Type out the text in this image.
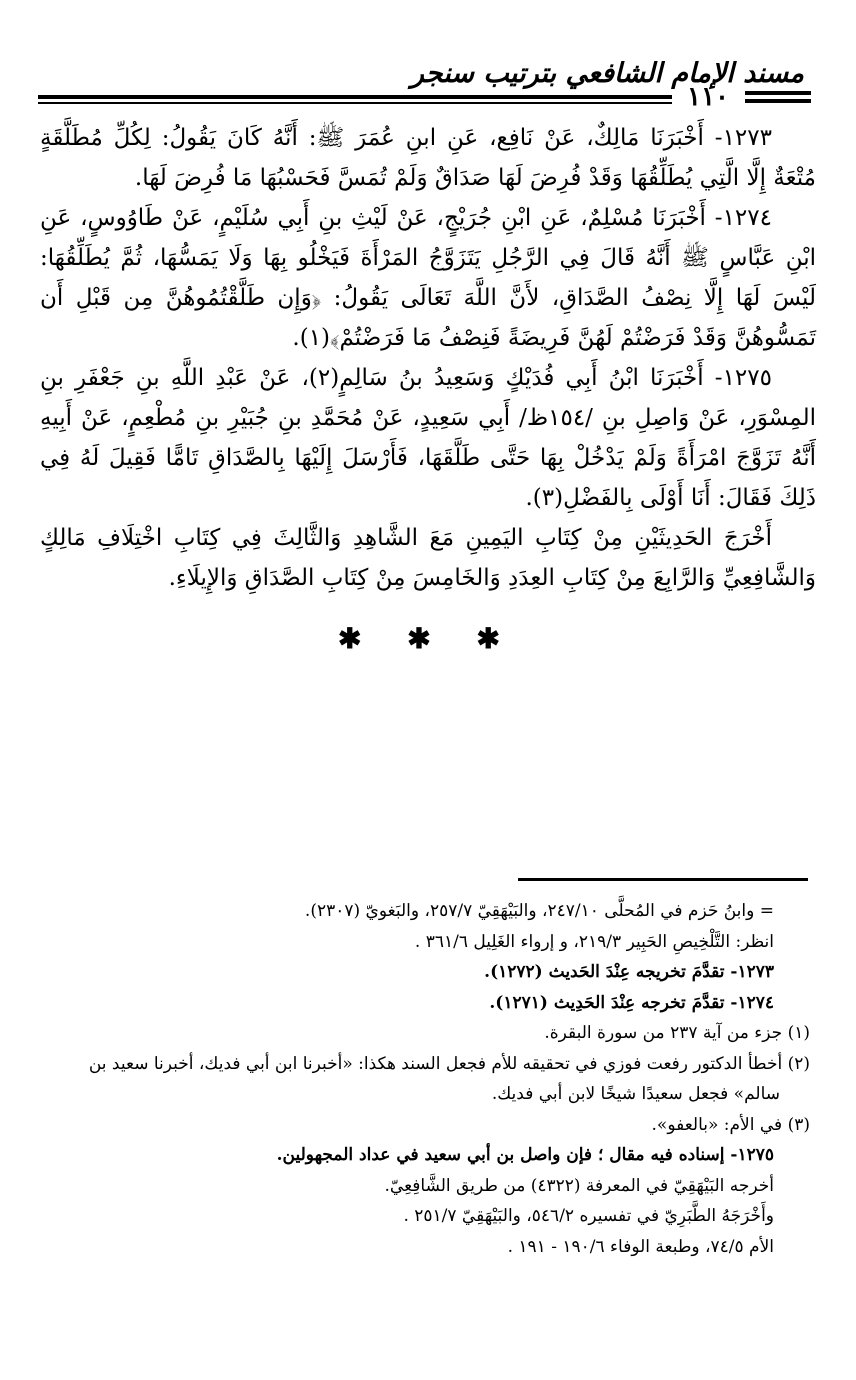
مسند الإمام الشافعي بترتيب سنجر
١١٠

١٢٧٣- أَخْبَرَنَا مَالِكٌ، عَنْ نَافِع، عَنِ ابنِ عُمَرَ ﷺ: أَنَّهُ كَانَ يَقُولُ: لِكُلِّ مُطَلَّقَةٍ مُتْعَةٌ إِلَّا الَّتِي يُطَلِّقُهَا وَقَدْ فُرِضَ لَهَا صَدَاقٌ وَلَمْ تُمَسَّ فَحَسْبُهَا مَا فُرِضَ لَهَا.

١٢٧٤- أَخْبَرَنَا مُسْلِمٌ، عَنِ ابْنِ جُرَيْجٍ، عَنْ لَيْثِ بنِ أَبِي سُلَيْمٍ، عَنْ طَاوُوسٍ، عَنِ ابْنِ عَبَّاسٍ ﷺ أَنَّهُ قَالَ فِي الرَّجُلِ يَتَزَوَّجُ المَرْأَةَ فَيَخْلُو بِهَا وَلَا يَمَسُّهَا، ثُمَّ يُطَلِّقُهَا: لَيْسَ لَهَا إِلَّا نِصْفُ الصَّدَاقِ، لأَنَّ اللَّهَ تَعَالَى يَقُولُ: ﴿وَإِن طَلَّقْتُمُوهُنَّ مِن قَبْلِ أَن تَمَسُّوهُنَّ وَقَدْ فَرَضْتُمْ لَهُنَّ فَرِيضَةً فَنِصْفُ مَا فَرَضْتُمْ﴾(١).

١٢٧٥- أَخْبَرَنَا ابْنُ أَبِي فُدَيْكٍ وَسَعِيدُ بنُ سَالِمٍ(٢)، عَنْ عَبْدِ اللَّهِ بنِ جَعْفَرِ بنِ المِسْوَرِ، عَنْ وَاصِلِ بنِ /١٥٤ظ/ أَبِي سَعِيدٍ، عَنْ مُحَمَّدِ بنِ جُبَيْرِ بنِ مُطْعِمٍ، عَنْ أَبِيهِ أَنَّهُ تَزَوَّجَ امْرَأَةً وَلَمْ يَدْخُلْ بِهَا حَتَّى طَلَّقَهَا، فَأَرْسَلَ إِلَيْهَا بِالصَّدَاقِ تَامًّا فَقِيلَ لَهُ فِي ذَلِكَ فَقَالَ: أَنَا أَوْلَى بِالفَضْلِ(٣).

أَخْرَجَ الحَدِيثَيْنِ مِنْ كِتَابِ اليَمِينِ مَعَ الشَّاهِدِ وَالثَّالِثَ فِي كِتَابِ اخْتِلَافِ مَالِكٍ وَالشَّافِعِيِّ وَالرَّابِعَ مِنْ كِتَابِ العِدَدِ وَالخَامِسَ مِنْ كِتَابِ الصَّدَاقِ وَالإِيلَاءِ.

✱ ✱ ✱

= وابنُ حَزم في المُحلَّى ٢٤٧/١٠، والبَيْهَقِيّ ٢٥٧/٧، والبَغويّ (٢٣٠٧).

انظر: التَّلْخِيصِ الحَبِير ٢١٩/٣، و إرواء الغَلِيل ٣٦١/٦ .

١٢٧٣- تقدَّمَ تخريجه عِنْدَ الحَديث (١٢٧٢).

١٢٧٤- تقدَّمَ تخرجه عِنْدَ الحَدِيث (١٢٧١).

(١) جزء من آية ٢٣٧ من سورة البقرة.

(٢) أخطأ الدكتور رفعت فوزي في تحقيقه للأم فجعل السند هكذا: «أخبرنا ابن أبي فديك، أخبرنا سعيد بن سالم» فجعل سعيدًا شيخًا لابن أبي فديك.

(٣) في الأم: «بالعفو».

١٢٧٥- إسناده فيه مقال ؛ فإن واصل بن أبي سعيد في عداد المجهولين.

أخرجه البَيْهَقِيّ في المعرفة (٤٣٢٢) من طريق الشَّافِعِيّ.

وأَخْرَجَهُ الطَّبَرِيّ في تفسيره ٥٤٦/٢، والبَيْهَقِيّ ٢٥١/٧ .

الأم ٧٤/٥، وطبعة الوفاء ١٩٠/٦ - ١٩١ .
